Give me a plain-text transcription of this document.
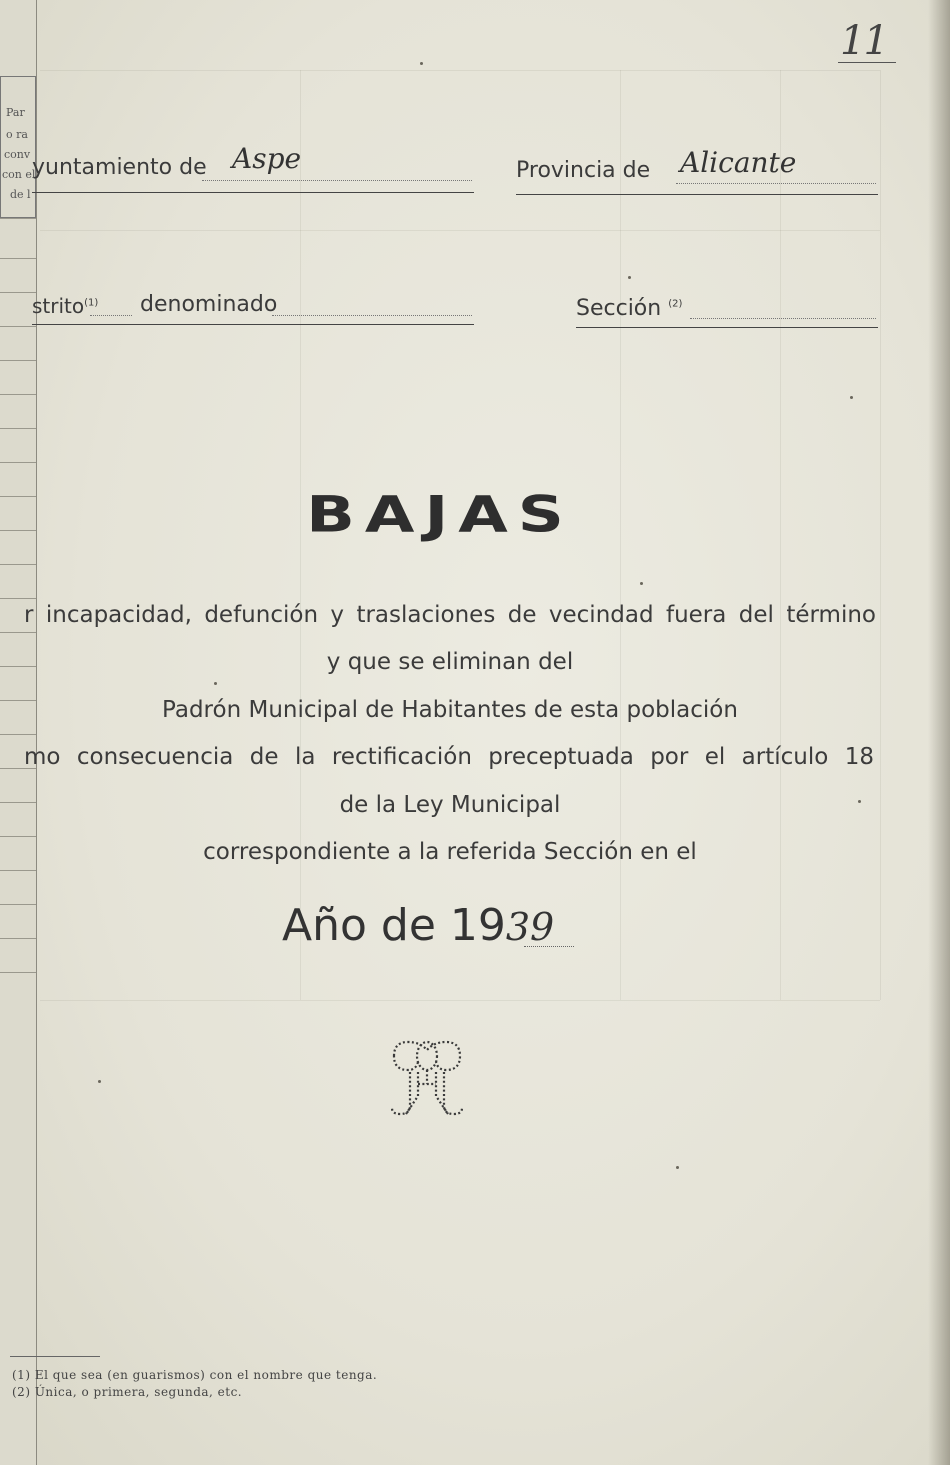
Par
o ra
conv
con el
de l
11
yuntamiento de Aspe	Provincia de Alicante
strito$^{(1)}$ denominado	Sección $^{(2)}$
BAJAS
r incapacidad, defunción y traslaciones de vecindad fuera del término
y que se eliminan del
Padrón Municipal de Habitantes de esta población
mo consecuencia de la rectificación preceptuada por el artículo 18
de la Ley Municipal
correspondiente a la referida Sección en el
Año de 1939
(1) El que sea (en guarismos) con el nombre que tenga.
(2) Única, o primera, segunda, etc.
